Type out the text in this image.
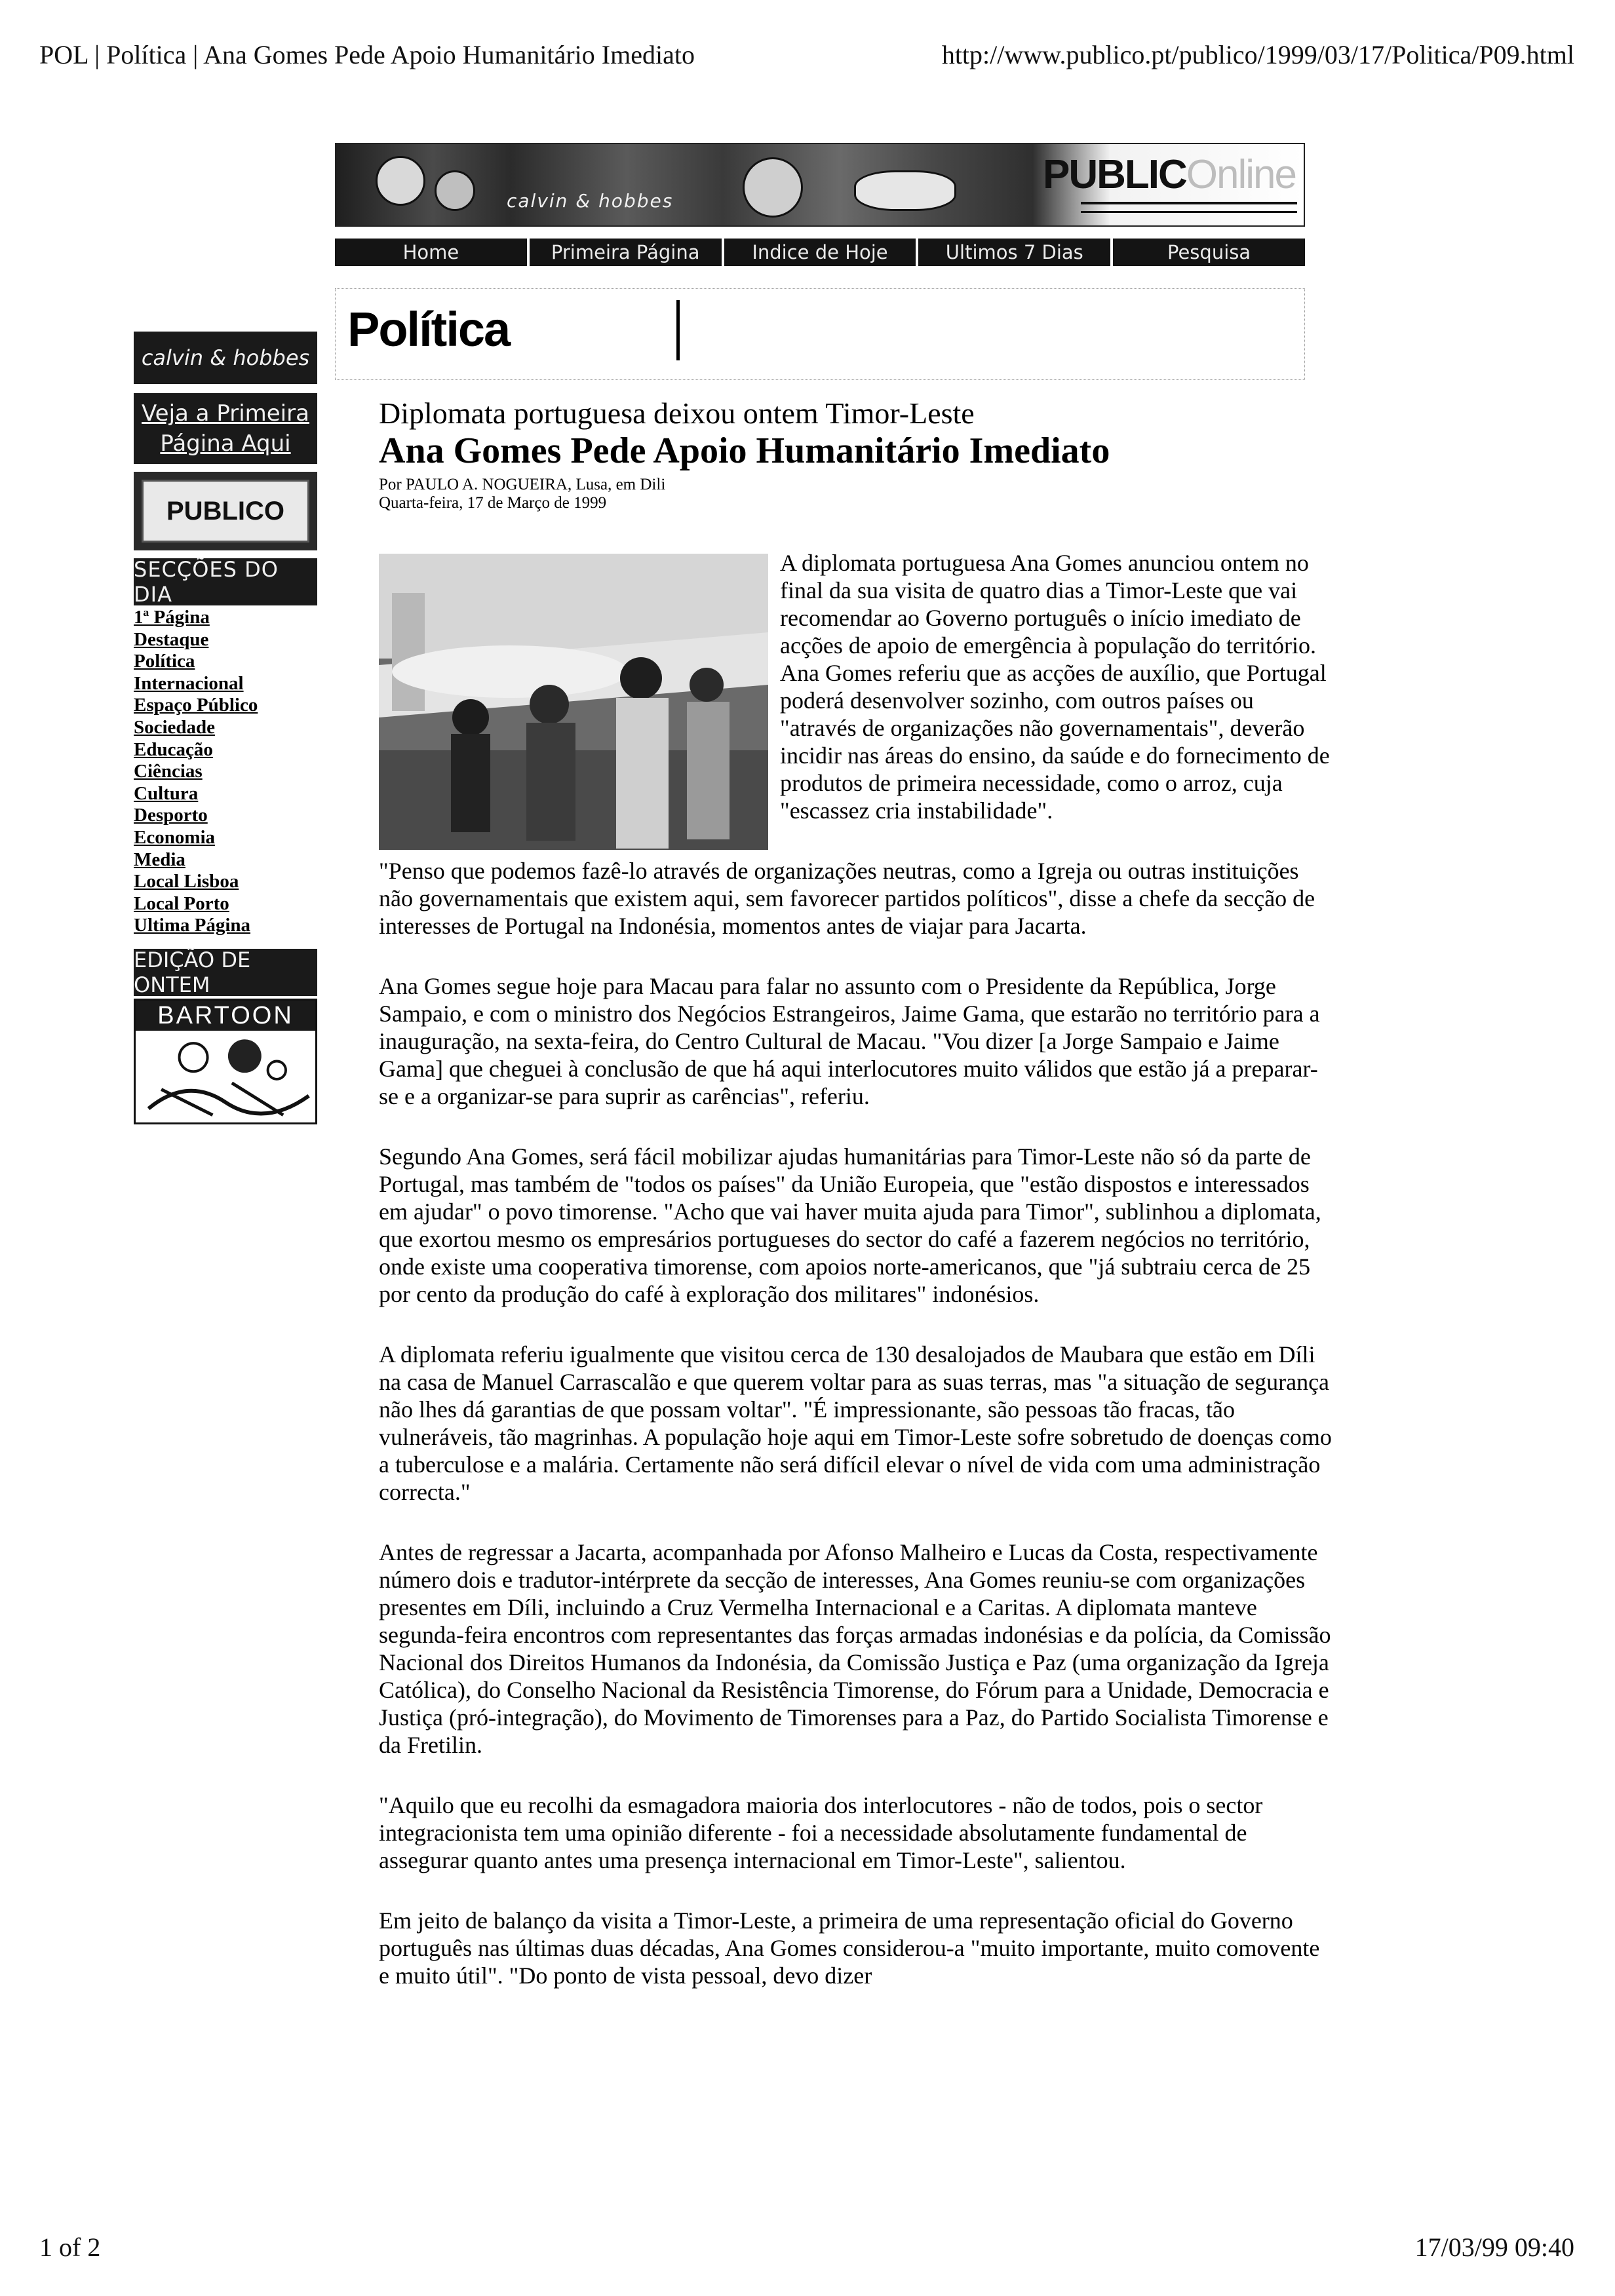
POL | Política | Ana Gomes Pede Apoio Humanitário Imediato	http://www.publico.pt/publico/1999/03/17/Politica/P09.html
calvin & hobbes
PUBLICOnline
Home	Primeira Página	Indice de Hoje	Ultimos 7 Dias	Pesquisa
Política
calvin & hobbes
Veja a Primeira
Página Aqui
PUBLICO
SECÇÕES DO DIA
1ª Página
Destaque
Política
Internacional
Espaço Público
Sociedade
Educação
Ciências
Cultura
Desporto
Economia
Media
Local Lisboa
Local Porto
Ultima Página
EDIÇÃO DE ONTEM
BARTOON
Diplomata portuguesa deixou ontem Timor-Leste
Ana Gomes Pede Apoio Humanitário Imediato
Por PAULO A. NOGUEIRA, Lusa, em Dili
Quarta-feira, 17 de Março de 1999

A diplomata portuguesa Ana Gomes anunciou ontem no final da sua visita de quatro dias a Timor-Leste que vai recomendar ao Governo português o início imediato de acções de apoio de emergência à população do território. Ana Gomes referiu que as acções de auxílio, que Portugal poderá desenvolver sozinho, com outros países ou "através de organizações não governamentais", deverão incidir nas áreas do ensino, da saúde e do fornecimento de produtos de primeira necessidade, como o arroz, cuja "escassez cria instabilidade".

"Penso que podemos fazê-lo através de organizações neutras, como a Igreja ou outras instituições não governamentais que existem aqui, sem favorecer partidos políticos", disse a chefe da secção de interesses de Portugal na Indonésia, momentos antes de viajar para Jacarta.

Ana Gomes segue hoje para Macau para falar no assunto com o Presidente da República, Jorge Sampaio, e com o ministro dos Negócios Estrangeiros, Jaime Gama, que estarão no território para a inauguração, na sexta-feira, do Centro Cultural de Macau. "Vou dizer [a Jorge Sampaio e Jaime Gama] que cheguei à conclusão de que há aqui interlocutores muito válidos que estão já a preparar-se e a organizar-se para suprir as carências", referiu.

Segundo Ana Gomes, será fácil mobilizar ajudas humanitárias para Timor-Leste não só da parte de Portugal, mas também de "todos os países" da União Europeia, que "estão dispostos e interessados em ajudar" o povo timorense. "Acho que vai haver muita ajuda para Timor", sublinhou a diplomata, que exortou mesmo os empresários portugueses do sector do café a fazerem negócios no território, onde existe uma cooperativa timorense, com apoios norte-americanos, que "já subtraiu cerca de 25 por cento da produção do café à exploração dos militares" indonésios.

A diplomata referiu igualmente que visitou cerca de 130 desalojados de Maubara que estão em Díli na casa de Manuel Carrascalão e que querem voltar para as suas terras, mas "a situação de segurança não lhes dá garantias de que possam voltar". "É impressionante, são pessoas tão fracas, tão vulneráveis, tão magrinhas. A população hoje aqui em Timor-Leste sofre sobretudo de doenças como a tuberculose e a malária. Certamente não será difícil elevar o nível de vida com uma administração correcta."

Antes de regressar a Jacarta, acompanhada por Afonso Malheiro e Lucas da Costa, respectivamente número dois e tradutor-intérprete da secção de interesses, Ana Gomes reuniu-se com organizações presentes em Díli, incluindo a Cruz Vermelha Internacional e a Caritas. A diplomata manteve segunda-feira encontros com representantes das forças armadas indonésias e da polícia, da Comissão Nacional dos Direitos Humanos da Indonésia, da Comissão Justiça e Paz (uma organização da Igreja Católica), do Conselho Nacional da Resistência Timorense, do Fórum para a Unidade, Democracia e Justiça (pró-integração), do Movimento de Timorenses para a Paz, do Partido Socialista Timorense e da Fretilin.

"Aquilo que eu recolhi da esmagadora maioria dos interlocutores - não de todos, pois o sector integracionista tem uma opinião diferente - foi a necessidade absolutamente fundamental de assegurar quanto antes uma presença internacional em Timor-Leste", salientou.

Em jeito de balanço da visita a Timor-Leste, a primeira de uma representação oficial do Governo português nas últimas duas décadas, Ana Gomes considerou-a "muito importante, muito comovente e muito útil". "Do ponto de vista pessoal, devo dizer

1 of 2	17/03/99 09:40
